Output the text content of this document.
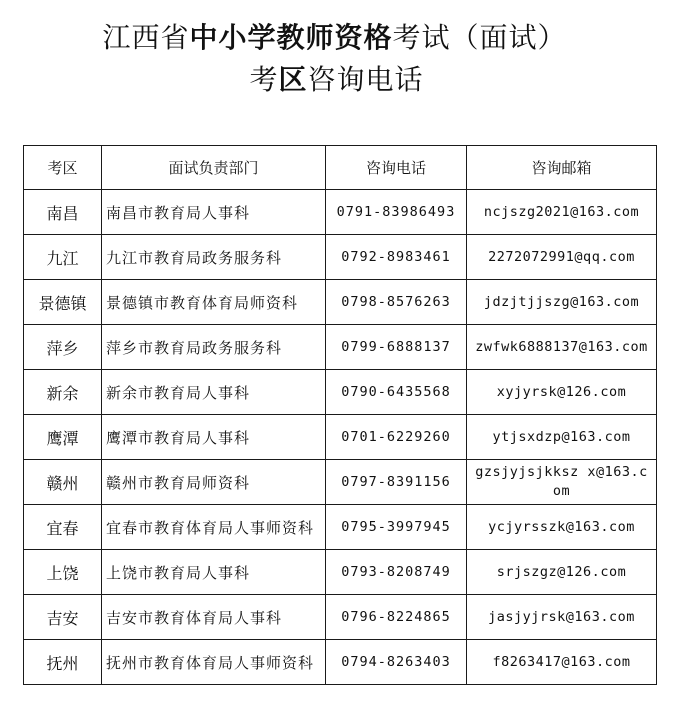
江西省中小学教师资格考试（面试）
考区咨询电话
考区	面试负责部门	咨询电话	咨询邮箱
南昌	南昌市教育局人事科	0791-83986493	ncjszg2021@163.com
九江	九江市教育局政务服务科	0792-8983461	2272072991@qq.com
景德镇	景德镇市教育体育局师资科	0798-8576263	jdzjtjjszg@163.com
萍乡	萍乡市教育局政务服务科	0799-6888137	zwfwk6888137@163.com
新余	新余市教育局人事科	0790-6435568	xyjyrsk@126.com
鹰潭	鹰潭市教育局人事科	0701-6229260	ytjsxdzp@163.com
赣州	赣州市教育局师资科	0797-8391156	gzsjyjsjkksz x@163.com
宜春	宜春市教育体育局人事师资科	0795-3997945	ycjyrsszk@163.com
上饶	上饶市教育局人事科	0793-8208749	srjszgz@126.com
吉安	吉安市教育体育局人事科	0796-8224865	jasjyjrsk@163.com
抚州	抚州市教育体育局人事师资科	0794-8263403	f8263417@163.com
